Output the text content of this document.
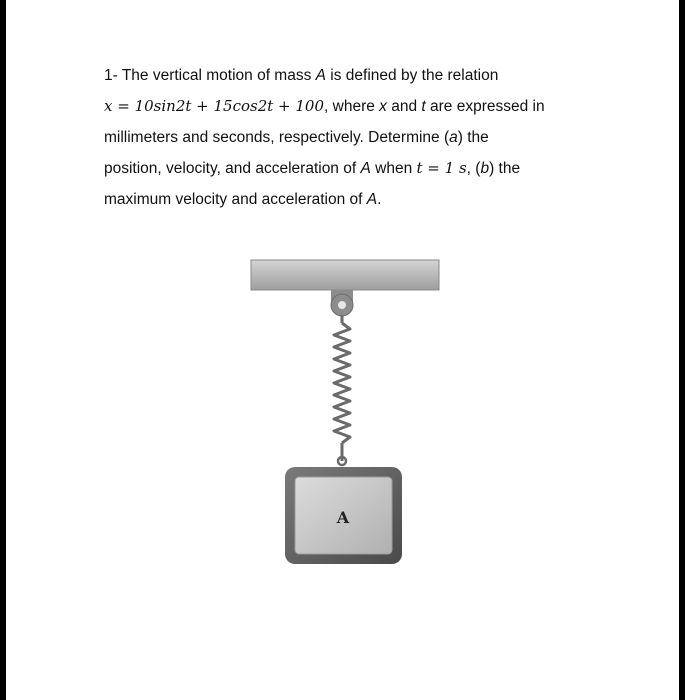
1- The vertical motion of mass A is defined by the relation
x = 10sin2t + 15cos2t + 100, where x and t are expressed in
millimeters and seconds, respectively. Determine (a) the
position, velocity, and acceleration of A when t = 1 s, (b) the
maximum velocity and acceleration of A.
A
